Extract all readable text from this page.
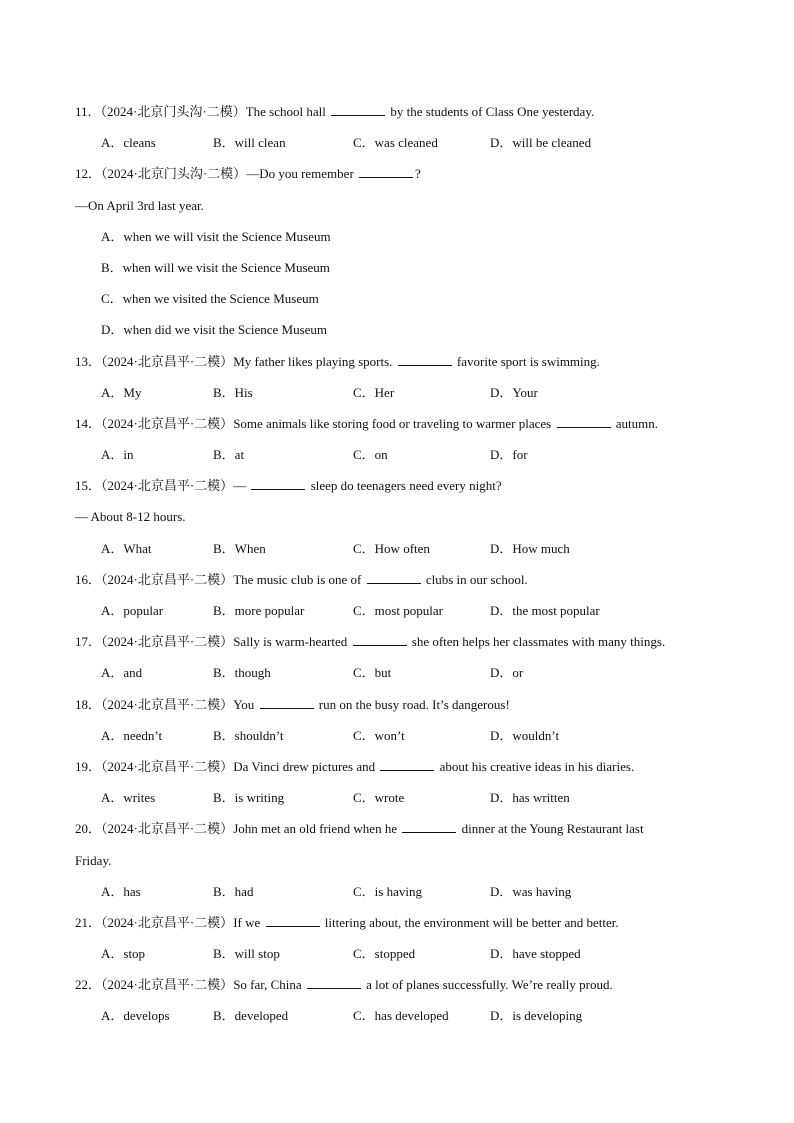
11．（2024·北京门头沟·二模）The school hall	by the students of Class One yesterday.
A．cleans	B．will clean	C．was cleaned	D．will be cleaned
12．（2024·北京门头沟·二模）—Do you remember	?
—On April 3rd last year.
A．when we will visit the Science Museum
B．when will we visit the Science Museum
C．when we visited the Science Museum
D．when did we visit the Science Museum
13．（2024·北京昌平·二模）My father likes playing sports.	favorite sport is swimming.
A．My	B．His	C．Her	D．Your
14．（2024·北京昌平·二模）Some animals like storing food or traveling to warmer places	autumn.
A．in	B．at	C．on	D．for
15．（2024·北京昌平·二模）—	sleep do teenagers need every night?
— About 8-12 hours.
A．What	B．When	C．How often	D．How much
16．（2024·北京昌平·二模）The music club is one of	clubs in our school.
A．popular	B．more popular	C．most popular	D．the most popular
17．（2024·北京昌平·二模）Sally is warm-hearted	she often helps her classmates with many things.
A．and	B．though	C．but	D．or
18．（2024·北京昌平·二模）You	run on the busy road. It’s dangerous!
A．needn’t	B．shouldn’t	C．won’t	D．wouldn’t
19．（2024·北京昌平·二模）Da Vinci drew pictures and	about his creative ideas in his diaries.
A．writes	B．is writing	C．wrote	D．has written
20．（2024·北京昌平·二模）John met an old friend when he	dinner at the Young Restaurant last
Friday.
A．has	B．had	C．is having	D．was having
21．（2024·北京昌平·二模）If we	littering about, the environment will be better and better.
A．stop	B．will stop	C．stopped	D．have stopped
22．（2024·北京昌平·二模）So far, China	a lot of planes successfully. We’re really proud.
A．develops	B．developed	C．has developed	D．is developing
